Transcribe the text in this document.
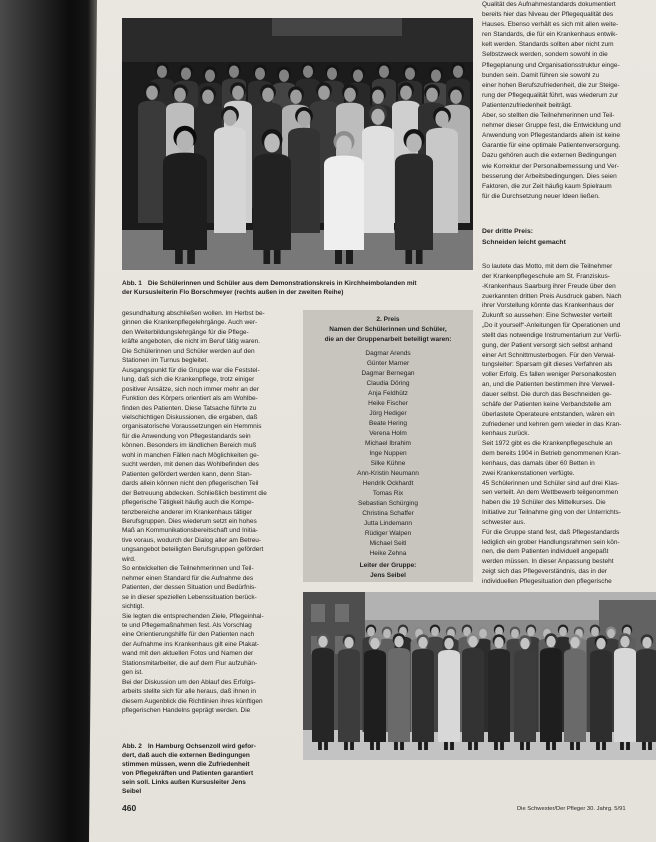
Abb. 1 Die Schülerinnen und Schüler aus dem Demonstrationskreis in Kirchheimbolanden mit
der Kursusleiterin Flo Borschmeyer (rechts außen in der zweiten Reihe)
gesundhaltung abschließen wollen. Im Herbst be-
ginnen die Krankenpflegelehrgänge. Auch wer-
den Weiterbildungslehrgänge für die Pflege-
kräfte angeboten, die nicht im Beruf tätig waren.
Die Schülerinnen und Schüler werden auf den
Stationen im Turnus begleitet.
Ausgangspunkt für die Gruppe war die Feststel-
lung, daß sich die Krankenpflege, trotz einiger
positiver Ansätze, sich noch immer mehr an der
Funktion des Körpers orientiert als am Wohlbe-
finden des Patienten. Diese Tatsache führte zu
vielschichtigen Diskussionen, die ergaben, daß
organisatorische Voraussetzungen ein Hemmnis
für die Anwendung von Pflegestandards sein
können. Besonders im ländlichen Bereich muß
wohl in manchen Fällen nach Möglichkeiten ge-
sucht werden, mit denen das Wohlbefinden des
Patienten gefördert werden kann, denn Stan-
dards allein können nicht den pflegerischen Teil
der Betreuung abdecken. Schließlich bestimmt die
pflegerische Tätigkeit häufig auch die Kompe-
tenzbereiche anderer im Krankenhaus tätiger
Berufsgruppen. Dies wiederum setzt ein hohes
Maß an Kommunikationsbereitschaft und Initia-
tive voraus, wodurch der Dialog aller am Betreu-
ungsangebot beteiligten Berufsgruppen gefördert
wird.
So entwickelten die Teilnehmerinnen und Teil-
nehmer einen Standard für die Aufnahme des
Patienten, der dessen Situation und Bedürfnis-
se in dieser speziellen Lebenssituation berück-
sichtigt.
Sie legten die entsprechenden Ziele, Pflegeinhal-
te und Pflegemaßnahmen fest. Als Vorschlag
eine Orientierungshilfe für den Patienten nach
der Aufnahme ins Krankenhaus gilt eine Plakat-
wand mit den aktuellen Fotos und Namen der
Stationsmitarbeiter, die auf dem Flur aufzuhän-
gen ist.
Bei der Diskussion um den Ablauf des Erfolgs-
arbeits stellte sich für alle heraus, daß ihnen in
diesem Augenblick die Richtlinien ihres künftigen
pflegerischen Handelns geprägt werden. Die
2. Preis
Namen der Schülerinnen und Schüler,
die an der Gruppenarbeit beteiligt waren:
Dagmar Arends
Günter Marner
Dagmar Bernegan
Claudia Döring
Anja Feldhütz
Heike Fischer
Jörg Hediger
Beate Hering
Verena Holm
Michael Ibrahim
Inge Nuppen
Silke Kühne
Ann-Kristin Neumann
Hendrik Ockhardt
Tomas Rix
Sebastian Schürging
Christina Schaffer
Jutta Lindemann
Rüdiger Walpen
Michael Seitl
Heike Zehna
Leiter der Gruppe:
Jens Seibel
Qualität des Aufnahmestandards dokumentiert
bereits hier das Niveau der Pflegequalität des
Hauses. Ebenso verhält es sich mit allen weite-
ren Standards, die für ein Krankenhaus entwik-
kelt werden. Standards sollten aber nicht zum
Selbstzweck werden, sondern sowohl in die
Pflegeplanung und Organisationsstruktur einge-
bunden sein. Damit führen sie sowohl zu
einer hohen Berufszufriedenheit, die zur Steige-
rung der Pflegequalität führt, was wiederum zur
Patientenzufriedenheit beiträgt.
Aber, so stellten die Teilnehmerinnen und Teil-
nehmer dieser Gruppe fest, die Entwicklung und
Anwendung von Pflegestandards allein ist keine
Garantie für eine optimale Patientenversorgung.
Dazu gehören auch die externen Bedingungen
wie Korrektur der Personalbemessung und Ver-
besserung der Arbeitsbedingungen. Dies seien
Faktoren, die zur Zeit häufig kaum Spielraum
für die Durchsetzung neuer Ideen ließen.
Der dritte Preis:
Schneiden leicht gemacht
So lautete das Motto, mit dem die Teilnehmer
der Krankenpflegeschule am St. Franziskus-
-Krankenhaus Saarburg ihrer Freude über den
zuerkannten dritten Preis Ausdruck gaben. Nach
ihrer Vorstellung könnte das Krankenhaus der
Zukunft so aussehen: Eine Schwester verteilt
„Do it yourself“-Anleitungen für Operationen und
stellt das notwendige Instrumentarium zur Verfü-
gung, der Patient versorgt sich selbst anhand
einer Art Schnittmusterbogen. Für den Verwal-
tungsleiter: Sparsam gilt dieses Verfahren als
voller Erfolg. Es fallen weniger Personalkosten
an, und die Patienten bestimmen ihre Verweil-
dauer selbst. Die durch das Beschneiden ge-
schäfe der Patienten keine Verbandstelle am
überlastete Operateure entstanden, wären ein
zufriedener und kehren gern wieder in das Kran-
kenhaus zurück.
Seit 1972 gibt es die Krankenpflegeschule an
dem bereits 1904 in Betrieb genommenen Kran-
kenhaus, das damals über 60 Betten in
zwei Krankenstationen verfügte.
45 Schülerinnen und Schüler sind auf drei Klas-
sen verteilt. An dem Wettbewerb teilgenommen
haben die 19 Schüler des Mittelkurses. Die
Initiative zur Teilnahme ging von der Unterrichts-
schwester aus.
Für die Gruppe stand fest, daß Pflegestandards
lediglich ein grober Handlungsrahmen sein kön-
nen, die dem Patienten individuell angepaßt
werden müssen. In dieser Anpassung besteht
zeigt sich das Pflegeverständnis, das in der
individuellen Pflegesituation den pflegerische
Abb. 2 In Hamburg Ochsenzoll wird gefor-
dert, daß auch die externen Bedingungen
stimmen müssen, wenn die Zufriedenheit
von Pflegekräften und Patienten garantiert
sein soll. Links außen Kursusleiter Jens
Seibel
460	Die Schwester/Der Pfleger 30. Jahrg. 5/91
